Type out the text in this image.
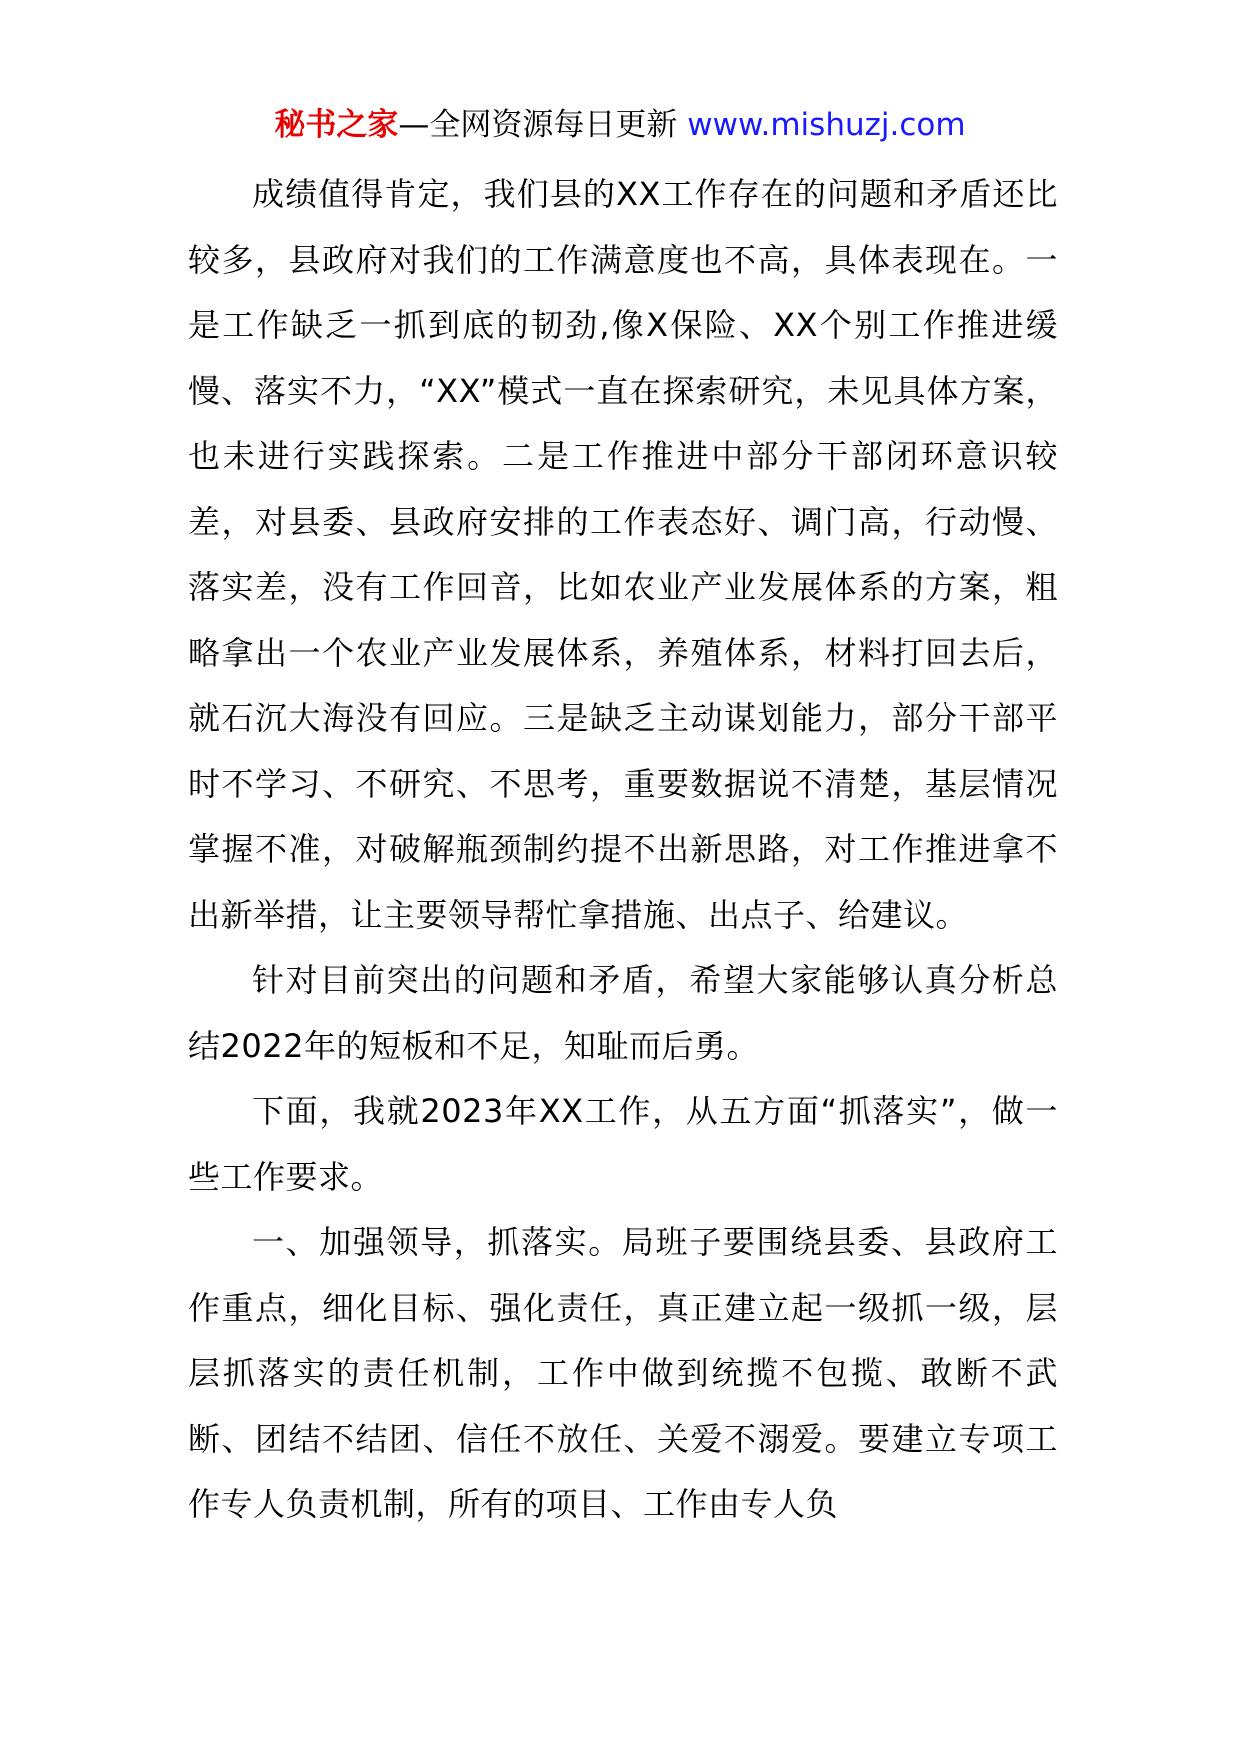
秘书之家—全网资源每日更新 www.mishuzj.com

成绩值得肯定，我们县的XX工作存在的问题和矛盾还比较多，县政府对我们的工作满意度也不高，具体表现在。一是工作缺乏一抓到底的韧劲,像X保险、XX个别工作推进缓慢、落实不力，“XX”模式一直在探索研究，未见具体方案，也未进行实践探索。二是工作推进中部分干部闭环意识较差，对县委、县政府安排的工作表态好、调门高，行动慢、落实差，没有工作回音，比如农业产业发展体系的方案，粗略拿出一个农业产业发展体系，养殖体系，材料打回去后，就石沉大海没有回应。三是缺乏主动谋划能力，部分干部平时不学习、不研究、不思考，重要数据说不清楚，基层情况掌握不准，对破解瓶颈制约提不出新思路，对工作推进拿不出新举措，让主要领导帮忙拿措施、出点子、给建议。

针对目前突出的问题和矛盾，希望大家能够认真分析总结2022年的短板和不足，知耻而后勇。

下面，我就2023年XX工作，从五方面“抓落实”，做一些工作要求。

一、加强领导，抓落实。局班子要围绕县委、县政府工作重点，细化目标、强化责任，真正建立起一级抓一级，层层抓落实的责任机制，工作中做到统揽不包揽、敢断不武断、团结不结团、信任不放任、关爱不溺爱。要建立专项工作专人负责机制，所有的项目、工作由专人负
